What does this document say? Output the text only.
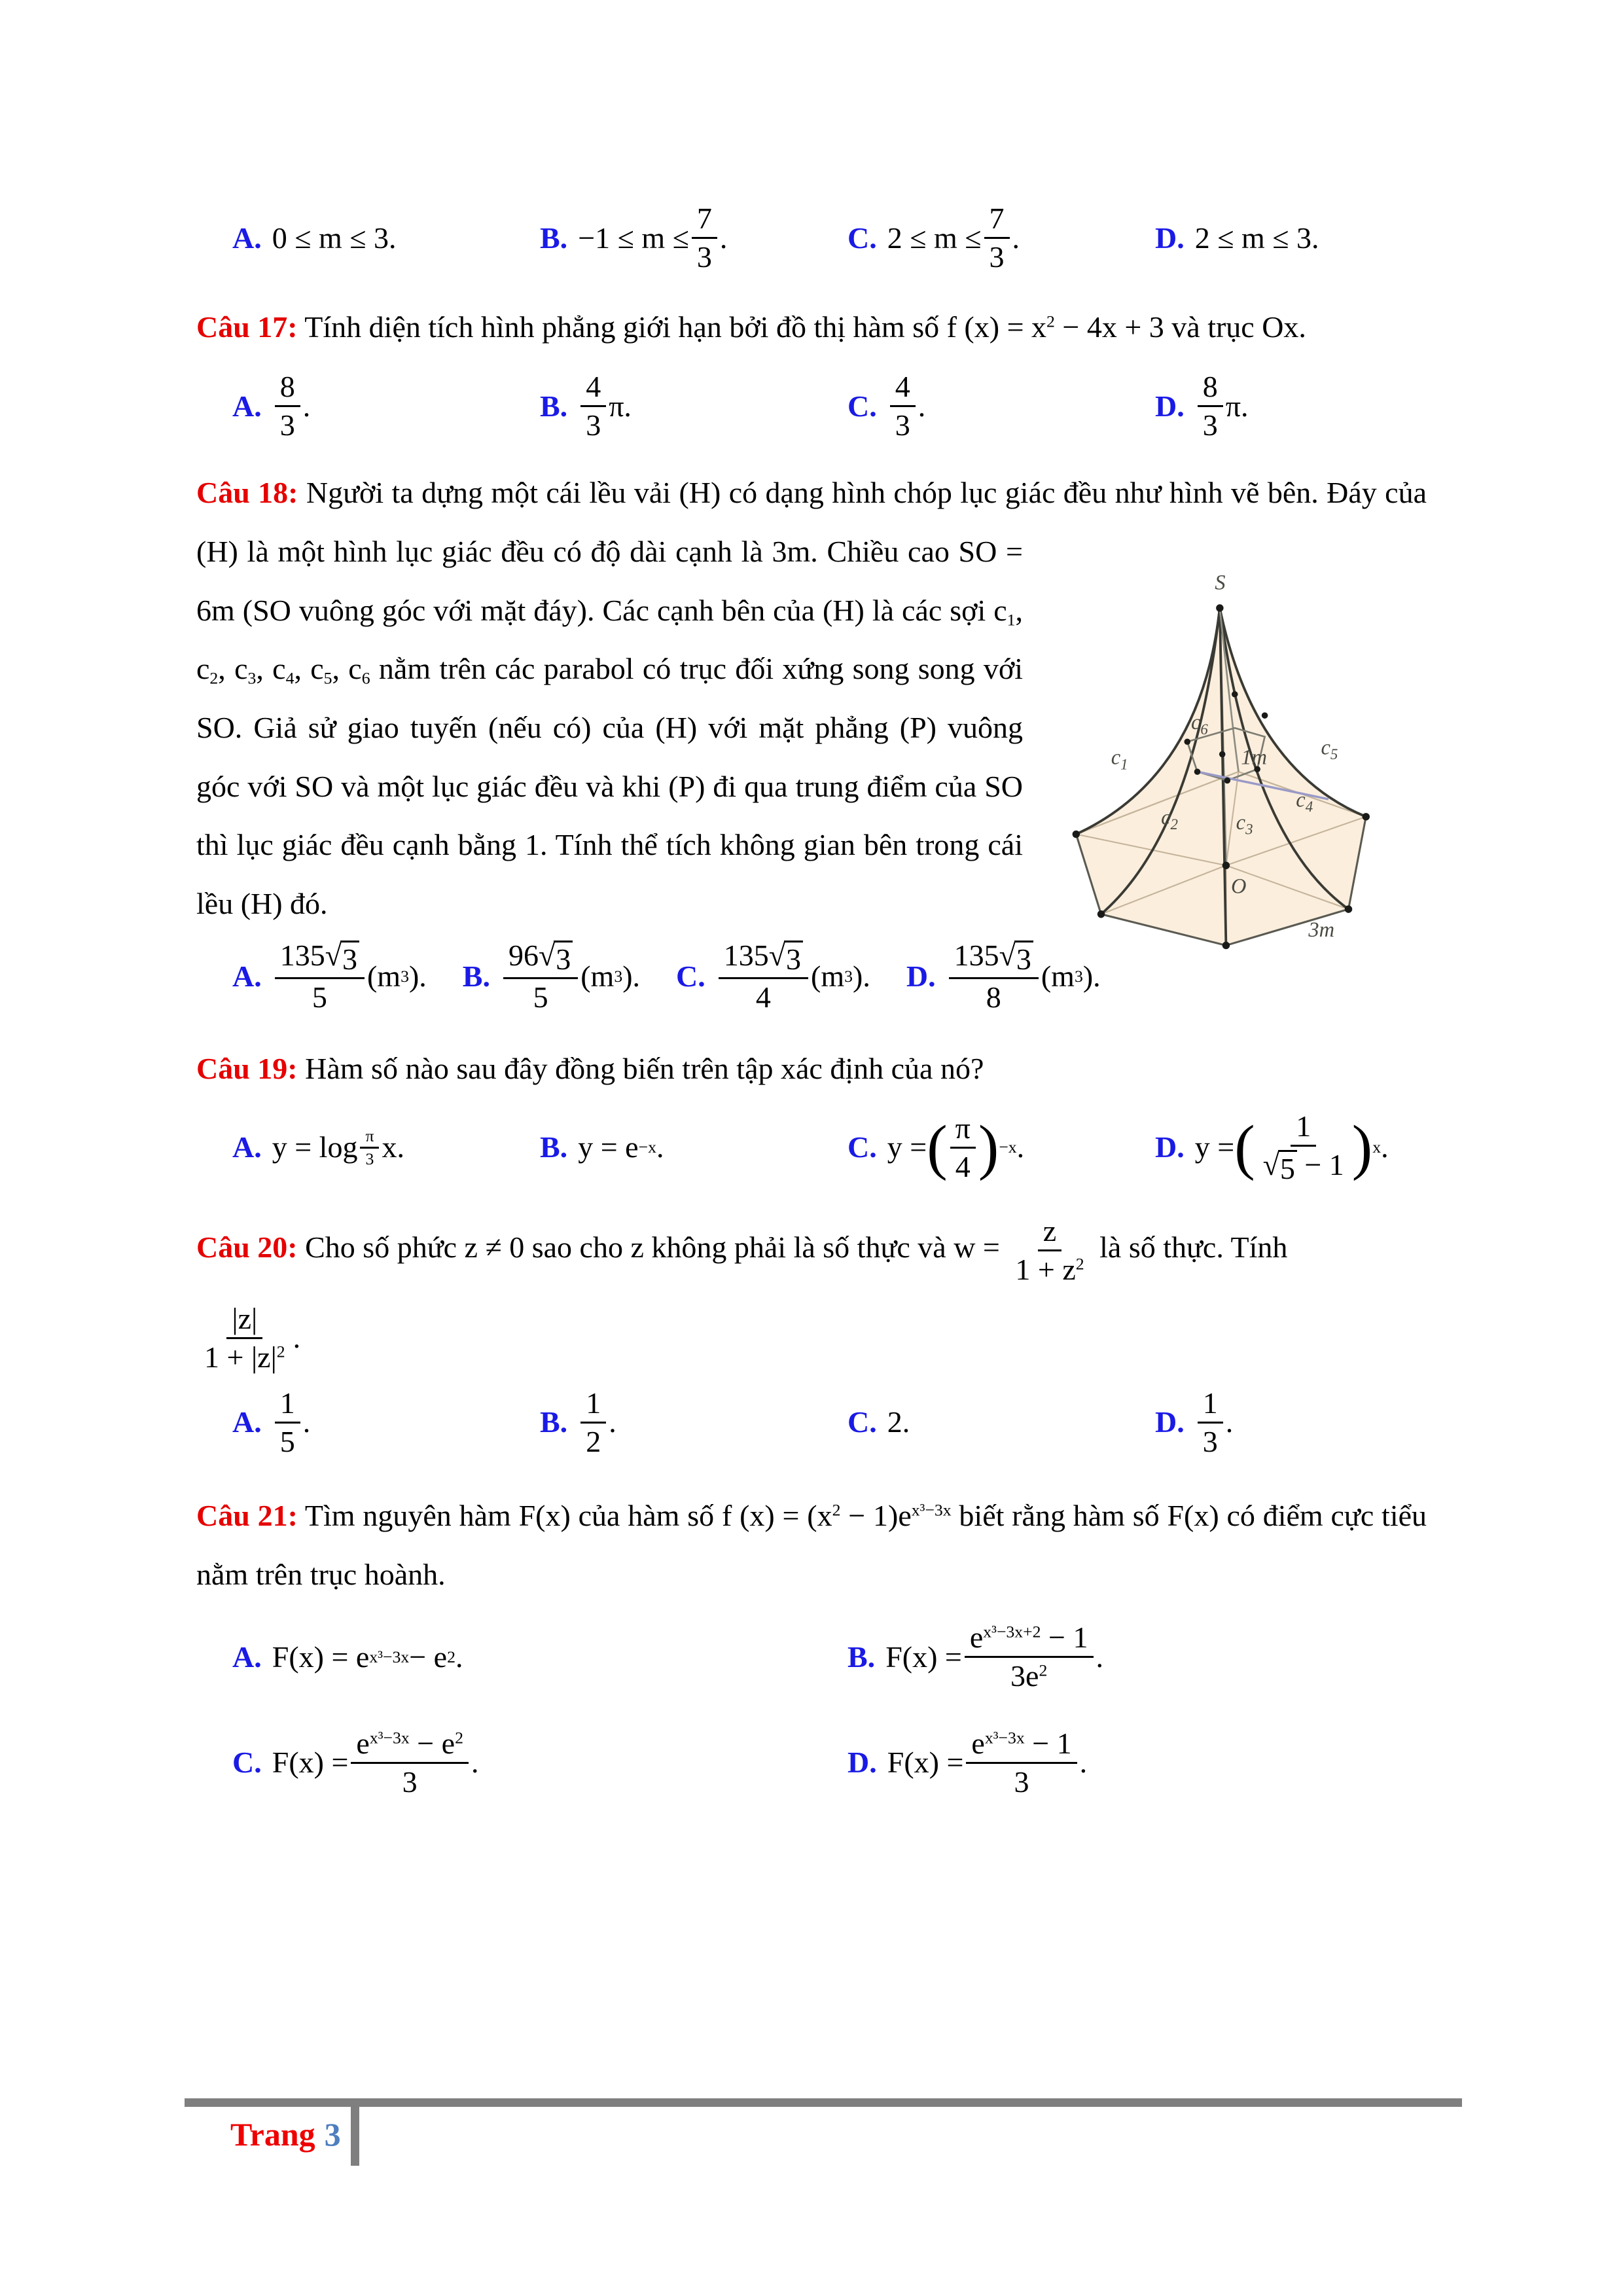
A. 0 ≤ m ≤ 3.	B. $-1 \le m \le \frac{7}{3}$ .	C. $2 \le m \le \frac{7}{3}$ .	D. 2 ≤ m ≤ 3.

Câu 17: Tính diện tích hình phẳng giới hạn bởi đồ thị hàm số f $(x) = x^2 - 4x + 3$ và trục Ox.

A. $\frac{8}{3}$ .	B. $\frac{4}{3} \pi$.	C. $\frac{4}{3}$ .	D. $\frac{8}{3} \pi$.

Câu 18: Người ta dựng một cái lều vải (H) có dạng hình chóp lục giác đều như hình vẽ bên.
S
$c_1$
$c_2$	$c_3$
$c_4$
$c_5$
$c_6$
1m
O
3m
Đáy của (H) là một hình lục giác đều có độ dài cạnh là 3m. Chiều cao SO = 6m (SO vuông góc với mặt đáy). Các cạnh bên của (H) là các sợi $c_1$, $c_2$, $c_3$, $c_4$, $c_5$, $c_6$ nằm trên các parabol có trục đối xứng song song với SO. Giả sử giao tuyến (nếu có) của (H) với mặt phẳng (P) vuông góc với SO và một lục giác đều và khi (P) đi qua trung điểm của SO thì lục giác đều cạnh bằng 1. Tính thể tích không gian bên trong cái lều (H) đó.

A. $\frac{135 √ 3}{5} (m$ 3 ). B. $\frac{96 √ 3}{5} (m$ 3 ). C. $\frac{135 √ 3}{4} (m$ 3 ). D. $\frac{135 √ 3}{8} (m$ 3 ).

Câu 19: Hàm số nào sau đây đồng biến trên tập xác định của nó?

A. $y = \log \frac{\pi}{3} x$.	B. y = e −x .	C. y = ( $\frac{\pi}{4}$ ) −x .	D. y = ( $\frac{1}{√ 5 - 1}$ ) x .

Câu 20: Cho số phức z ≠ 0 sao cho z không phải là số thực và $w = \frac{z}{1 + z^2}$ là số thực. Tính

$\frac{|z|}{1 + |z|^2}$ .
A. $\frac{1}{5}$ .	B. $\frac{1}{2}$ .	C. 2.	D. $\frac{1}{3}$ .

Câu 21: Tìm nguyên hàm F(x) của hàm số f $(x) = (x^2 - 1)e^{x^3-3x}$ biết rằng hàm số F(x) có điểm cực tiểu nằm trên trục hoành.

A. F(x) = e x³−3x − e 2 .	B. $F(x) = \frac{e^{x^3-3x+2} - 1}{3e^2}$ .
C. $F(x) = \frac{e^{x^3-3x} - e^2}{3}$ .	D. $F(x) = \frac{e^{x^3-3x} - 1}{3}$ .
Trang 3
